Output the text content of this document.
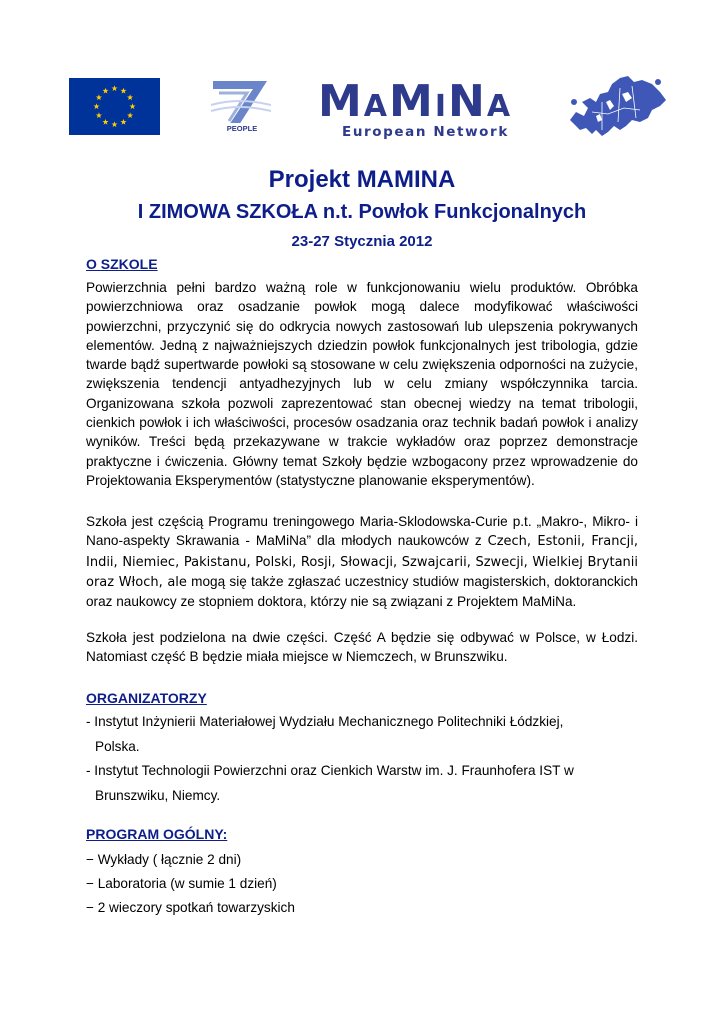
PEOPLE
MAMINA
European Network
Projekt MAMINA
I ZIMOWA SZKOŁA n.t. Powłok Funkcjonalnych
23-27 Stycznia 2012
O SZKOLE

Powierzchnia pełni bardzo ważną role w funkcjonowaniu wielu produktów. Obróbka powierzchniowa oraz osadzanie powłok mogą dalece modyfikować właściwości powierzchni, przyczynić się do odkrycia nowych zastosowań lub ulepszenia pokrywanych elementów. Jedną z najważniejszych dziedzin powłok funkcjonalnych jest tribologia, gdzie twarde bądź supertwarde powłoki są stosowane w celu zwiększenia odporności na zużycie, zwiększenia tendencji antyadhezyjnych lub w celu zmiany współczynnika tarcia. Organizowana szkoła pozwoli zaprezentować stan obecnej wiedzy na temat tribologii, cienkich powłok i ich właściwości, procesów osadzania oraz technik badań powłok i analizy wyników. Treści będą przekazywane w trakcie wykładów oraz poprzez demonstracje praktyczne i ćwiczenia. Główny temat Szkoły będzie wzbogacony przez wprowadzenie do Projektowania Eksperymentów (statystyczne planowanie eksperymentów).

Szkoła jest częścią Programu treningowego Maria-Sklodowska-Curie p.t. „Makro-, Mikro- i Nano-aspekty Skrawania - MaMiNa” dla młodych naukowców z Czech, Estonii, Francji, Indii, Niemiec, Pakistanu, Polski, Rosji, Słowacji, Szwajcarii, Szwecji, Wielkiej Brytanii oraz Włoch, ale mogą się także zgłaszać uczestnicy studiów magisterskich, doktoranckich oraz naukowcy ze stopniem doktora, którzy nie są związani z Projektem MaMiNa.

Szkoła jest podzielona na dwie części. Część A będzie się odbywać w Polsce, w Łodzi. Natomiast część B będzie miała miejsce w Niemczech, w Brunszwiku.

ORGANIZATORZY
- Instytut Inżynierii Materiałowej Wydziału Mechanicznego Politechniki Łódzkiej,
Polska.
- Instytut Technologii Powierzchni oraz Cienkich Warstw im. J. Fraunhofera IST w
Brunszwiku, Niemcy.
PROGRAM OGÓLNY:
− Wykłady ( łącznie 2 dni)
− Laboratoria (w sumie 1 dzień)
− 2 wieczory spotkań towarzyskich
